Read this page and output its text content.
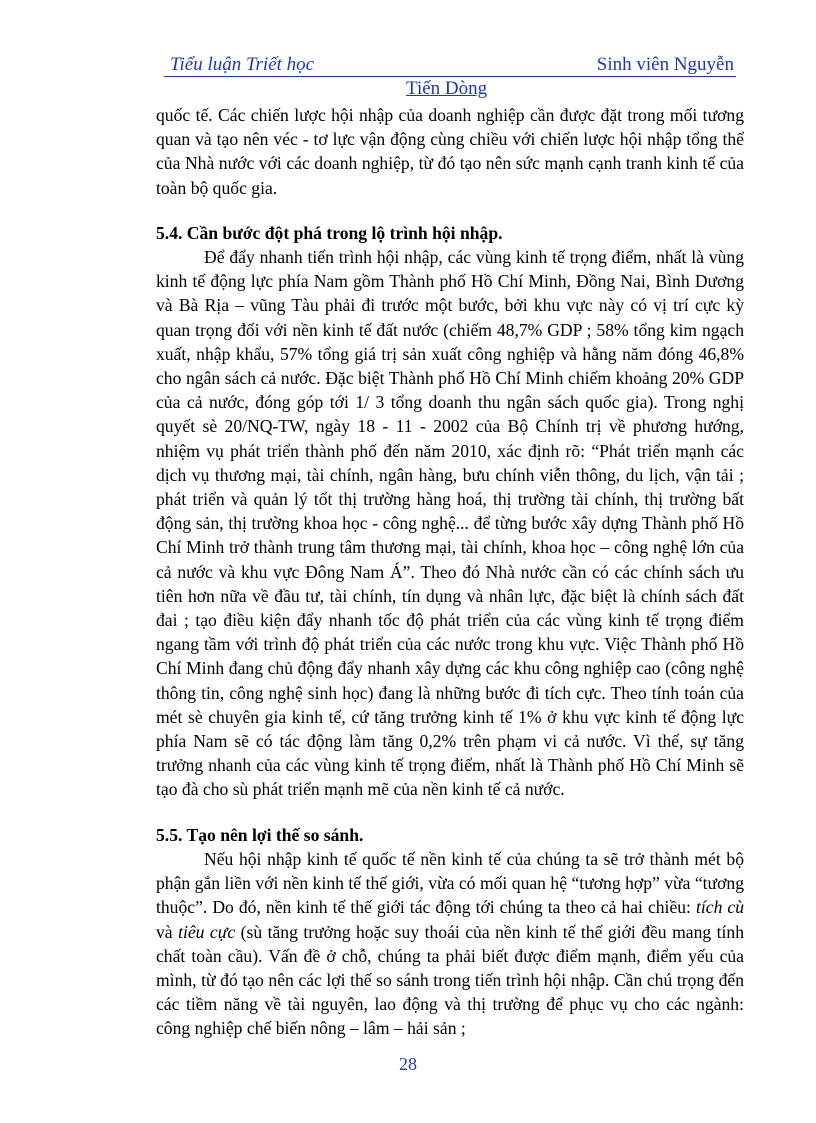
Tiểu luận Triết học	Sinh viên Nguyễn
Tiến Dòng

quốc tế. Các chiến lược hội nhập của doanh nghiệp cần được đặt trong mối tương quan và tạo nên véc - tơ lực vận động cùng chiều với chiến lược hội nhập tổng thể của Nhà nước với các doanh nghiệp, từ đó tạo nên sức mạnh cạnh tranh kinh tế của toàn bộ quốc gia.

5.4. Cần bước đột phá trong lộ trình hội nhập.

Để đẩy nhanh tiến trình hội nhập, các vùng kinh tế trọng điểm, nhất là vùng kinh tế động lực phía Nam gồm Thành phố Hồ Chí Minh, Đồng Nai, Bình Dương và Bà Rịa – vũng Tàu phải đi trước một bước, bởi khu vực này có vị trí cực kỳ quan trọng đối với nền kinh tế đất nước (chiếm 48,7% GDP ; 58% tổng kim ngạch xuất, nhập khẩu, 57% tổng giá trị sản xuất công nghiệp và hằng năm đóng 46,8% cho ngân sách cả nước. Đặc biệt Thành phố Hồ Chí Minh chiếm khoảng 20% GDP của cả nước, đóng góp tới 1/ 3 tổng doanh thu ngân sách quốc gia). Trong nghị quyết sè 20/NQ-TW, ngày 18 - 11 - 2002 của Bộ Chính trị về phương hướng, nhiệm vụ phát triển thành phố đến năm 2010, xác định rõ: “Phát triển mạnh các dịch vụ thương mại, tài chính, ngân hàng, bưu chính viễn thông, du lịch, vận tải ; phát triển và quản lý tốt thị trường hàng hoá, thị trường tài chính, thị trường bất động sản, thị trường khoa học - công nghệ... để từng bước xây dựng Thành phố Hồ Chí Minh trở thành trung tâm thương mại, tài chính, khoa học – công nghệ lớn của cả nước và khu vực Đông Nam Á”. Theo đó Nhà nước cần có các chính sách ưu tiên hơn nữa về đầu tư, tài chính, tín dụng và nhân lực, đặc biệt là chính sách đất đai ; tạo điều kiện đẩy nhanh tốc độ phát triển của các vùng kinh tế trọng điểm ngang tầm với trình độ phát triển của các nước trong khu vực. Việc Thành phố Hồ Chí Minh đang chủ động đẩy nhanh xây dựng các khu công nghiệp cao (công nghệ thông tin, công nghệ sinh học) đang là những bước đi tích cực. Theo tính toán của mét sè chuyên gia kinh tế, cứ tăng trưởng kinh tế 1% ở khu vực kinh tế động lực phía Nam sẽ có tác động làm tăng 0,2% trên phạm vi cả nước. Vì thế, sự tăng trưởng nhanh của các vùng kinh tế trọng điểm, nhất là Thành phố Hồ Chí Minh sẽ tạo đà cho sù phát triển mạnh mẽ của nền kinh tế cả nước.

5.5. Tạo nên lợi thế so sánh.

Nếu hội nhập kinh tế quốc tế nền kinh tế của chúng ta sẽ trở thành mét bộ phận gắn liền với nền kinh tế thế giới, vừa có mối quan hệ “tương hợp” vừa “tương thuộc”. Do đó, nền kinh tế thế giới tác động tới chúng ta theo cả hai chiều: tích cù và tiêu cực (sù tăng trưởng hoặc suy thoái của nền kinh tế thế giới đều mang tính chất toàn cầu). Vấn đề ở chỗ, chúng ta phải biết được điểm mạnh, điểm yếu của mình, từ đó tạo nên các lợi thế so sánh trong tiến trình hội nhập. Cần chú trọng đến các tiềm năng về tài nguyên, lao động và thị trường để phục vụ cho các ngành: công nghiệp chế biến nông – lâm – hải sản ;

28
